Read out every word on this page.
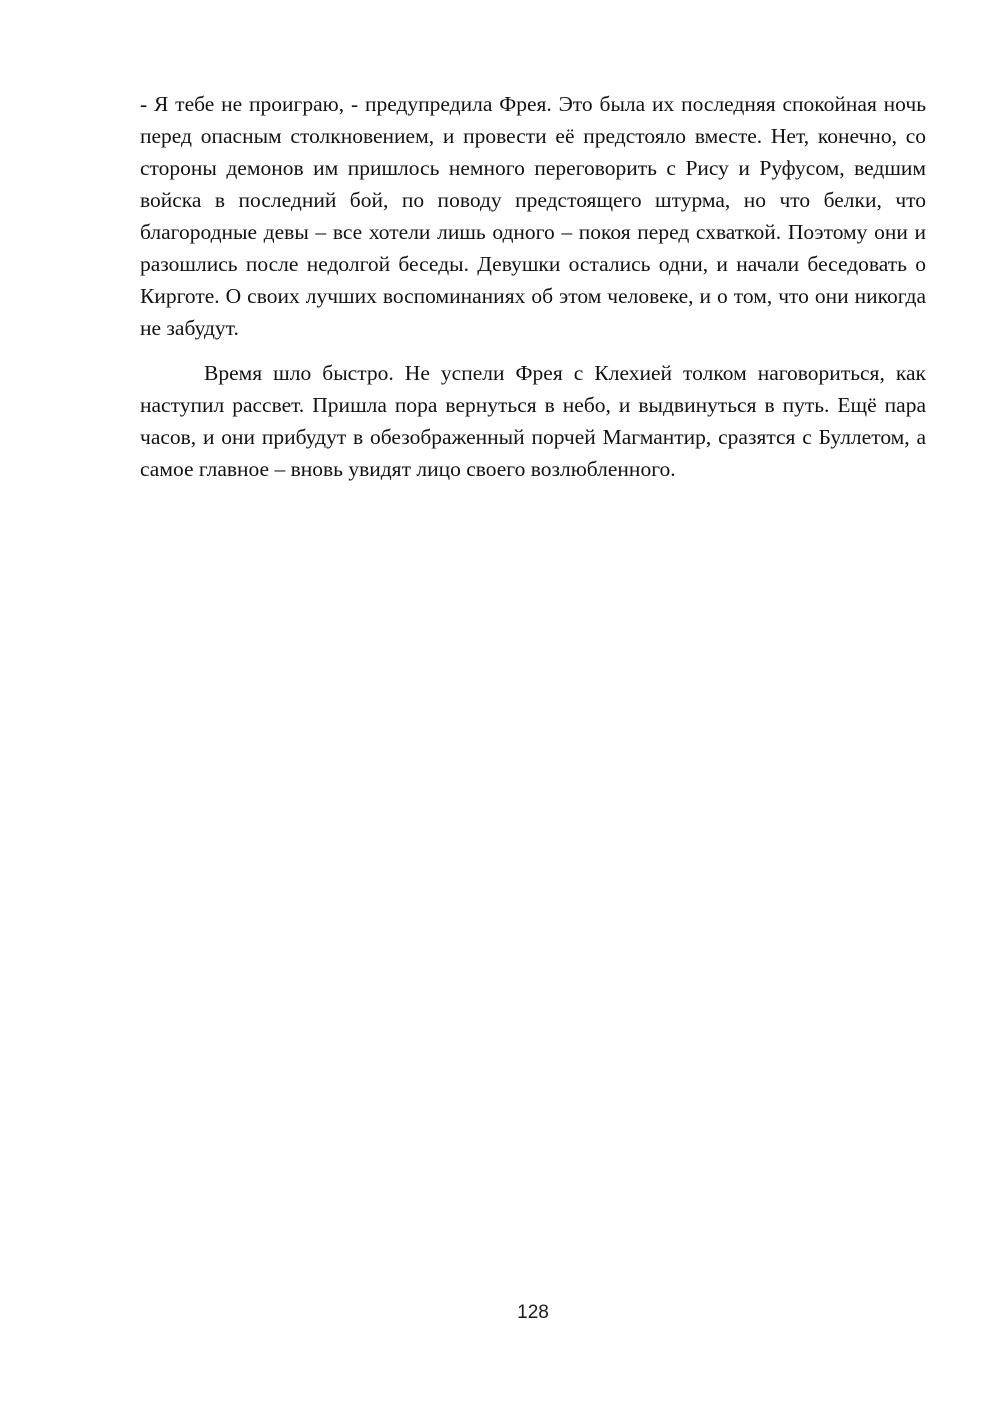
- Я тебе не проиграю, - предупредила Фрея. Это была их последняя спокойная ночь перед опасным столкновением, и провести её предстояло вместе. Нет, конечно, со стороны демонов им пришлось немного переговорить с Рису и Руфусом, ведшим войска в последний бой, по поводу предстоящего штурма, но что белки, что благородные девы – все хотели лишь одного – покоя перед схваткой. Поэтому они и разошлись после недолгой беседы. Девушки остались одни, и начали беседовать о Кирготе. О своих лучших воспоминаниях об этом человеке, и о том, что они никогда не забудут.

Время шло быстро. Не успели Фрея с Клехией толком наговориться, как наступил рассвет. Пришла пора вернуться в небо, и выдвинуться в путь. Ещё пара часов, и они прибудут в обезображенный порчей Магмантир, сразятся с Буллетом, а самое главное – вновь увидят лицо своего возлюбленного.

128
